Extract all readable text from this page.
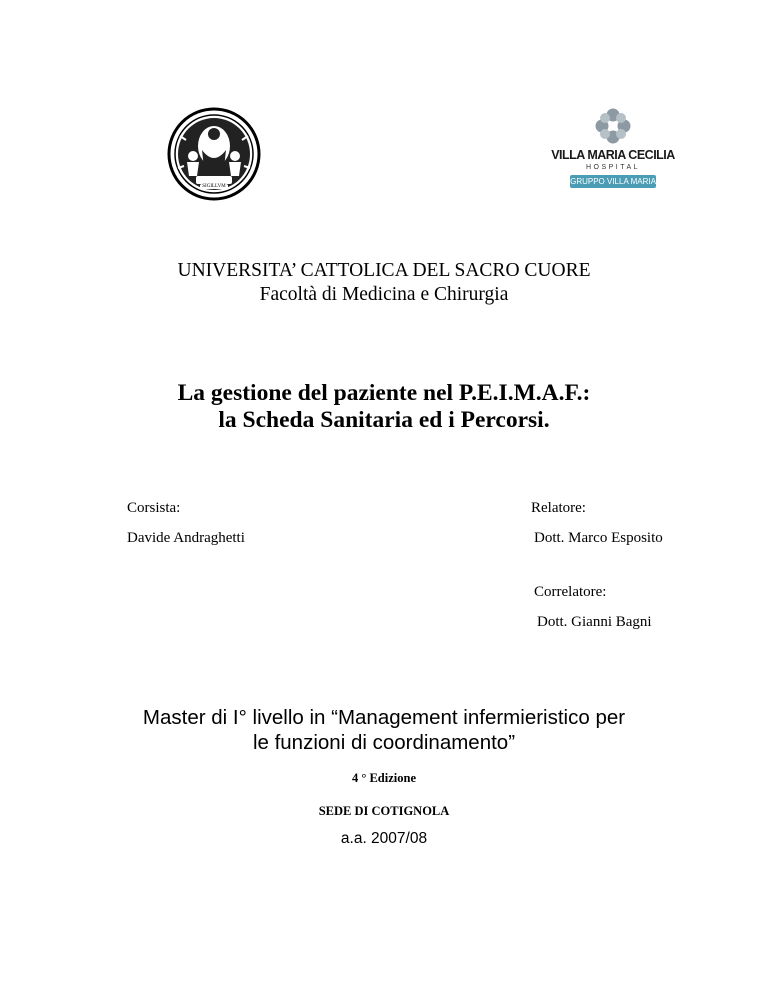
SIGILLVM
VILLA MARIA CECILIA
HOSPITAL
GRUPPO VILLA MARIA
UNIVERSITA’ CATTOLICA DEL SACRO CUORE
Facoltà di Medicina e Chirurgia
La gestione del paziente nel P.E.I.M.A.F.:
la Scheda Sanitaria ed i Percorsi.
Corsista:
Davide Andraghetti
Relatore:
Dott. Marco Esposito
Correlatore:
Dott. Gianni Bagni
Master di I° livello in “Management infermieristico per
le funzioni di coordinamento”
4 ° Edizione
SEDE DI COTIGNOLA
a.a. 2007/08
